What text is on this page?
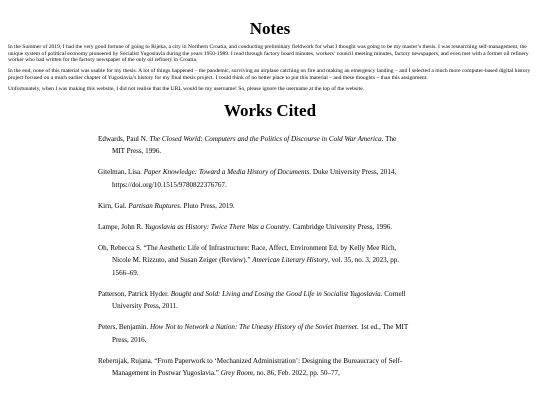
Notes

In the Summer of 2019, I had the very good fortune of going to Rijeka, a city in Northern Croatia, and conducting preliminary fieldwork for what I thought was going to be my master’s thesis. I was researching self-management, the unique system of political economy pioneered by Socialist Yugoslavia during the years 1950-1989. I read through factory board minutes, workers’ council meeting minutes, factory newspapers, and even met with a former oil refinery worker who had written for the factory newspaper of the only oil refinery in Croatia.

In the end, none of this material was usable for my thesis. A lot of things happened – the pandemic, surviving an airplane catching on fire and making an emergency landing – and I selected a much more computer-based digital history project focused on a much earlier chapter of Yugoslavia’s history for my final thesis project. I could think of no better place to put this material – and these thoughts – than this assignment.

Unfortunately, when I was making this website, I did not realise that the URL would be my username! So, please ignore the username at the top of the website.

Works Cited
Edwards, Paul N. The Closed World: Computers and the Politics of Discourse in Cold War America. The
MIT Press, 1996.
Gitelman, Lisa. Paper Knowledge: Toward a Media History of Documents. Duke University Press, 2014,
https://doi.org/10.1515/9780822376767.
Kirn, Gal. Partisan Ruptures. Pluto Press, 2019.
Lampe, John R. Yugoslavia as History: Twice There Was a Country. Cambridge University Press, 1996.
Oh, Rebecca S. “The Aesthetic Life of Infrastructure: Race, Affect, Environment Ed. by Kelly Mee Rich,
Nicole M. Rizzuto, and Susan Zeiger (Review).” American Literary History, vol. 35, no. 3, 2023, pp.
1566–69.
Patterson, Patrick Hyder. Bought and Sold: Living and Losing the Good Life in Socialist Yugoslavia. Cornell
University Press, 2011.
Peters, Benjamin. How Not to Network a Nation: The Uneasy History of the Soviet Internet. 1st ed., The MIT
Press, 2016.
Rebernjak, Rujana. “From Paperwork to ‘Mechanized Administration’: Designing the Bureaucracy of Self-
Management in Postwar Yugoslavia.” Grey Room, no. 86, Feb. 2022, pp. 50–77,
